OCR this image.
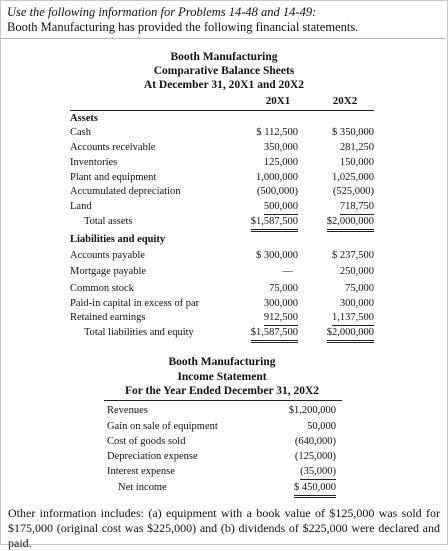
Use the following information for Problems 14-48 and 14-49:
Booth Manufacturing has provided the following financial statements.
Booth Manufacturing
Comparative Balance Sheets
At December 31, 20X1 and 20X2
20X1	20X2
Assets
Cash	$ 112,500	$ 350,000
Accounts receivable	350,000	281,250
Inventories	125,000	150,000
Plant and equipment	1,000,000	1,025,000
Accumulated depreciation	(500,000)	(525,000)
Land	500,000	718,750
Total assets	$1,587,500	$2,000,000
Liabilities and equity
Accounts payable	$ 300,000	$ 237,500
Mortgage payable	—	250,000
Common stock	75,000	75,000
Paid-in capital in excess of par	300,000	300,000
Retained earnings	912,500	1,137,500
Total liabilities and equity	$1,587,500	$2,000,000
Booth Manufacturing
Income Statement
For the Year Ended December 31, 20X2
Revenues	$1,200,000
Gain on sale of equipment	50,000
Cost of goods sold	(640,000)
Depreciation expense	(125,000)
Interest expense	(35,000)
Net income	$ 450,000
Other information includes: (a) equipment with a book value of $125,000 was sold for $175,000 (original cost was $225,000) and (b) dividends of $225,000 were declared and paid.
